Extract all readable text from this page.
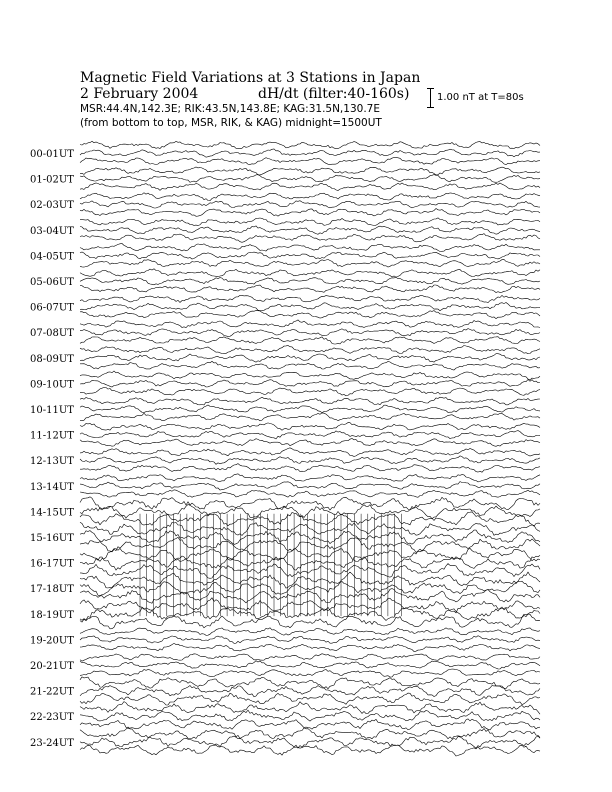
Magnetic Field Variations at 3 Stations in Japan
2 February 2004	dH/dt (filter:40-160s)
MSR:44.4N,142.3E; RIK:43.5N,143.8E; KAG:31.5N,130.7E
(from bottom to top, MSR, RIK, & KAG) midnight=1500UT
1.00 nT at T=80s
00-01UT
01-02UT
02-03UT
03-04UT
04-05UT
05-06UT
06-07UT
07-08UT
08-09UT
09-10UT
10-11UT
11-12UT
12-13UT
13-14UT
14-15UT
15-16UT
16-17UT
17-18UT
18-19UT
19-20UT
20-21UT
21-22UT
22-23UT
23-24UT
